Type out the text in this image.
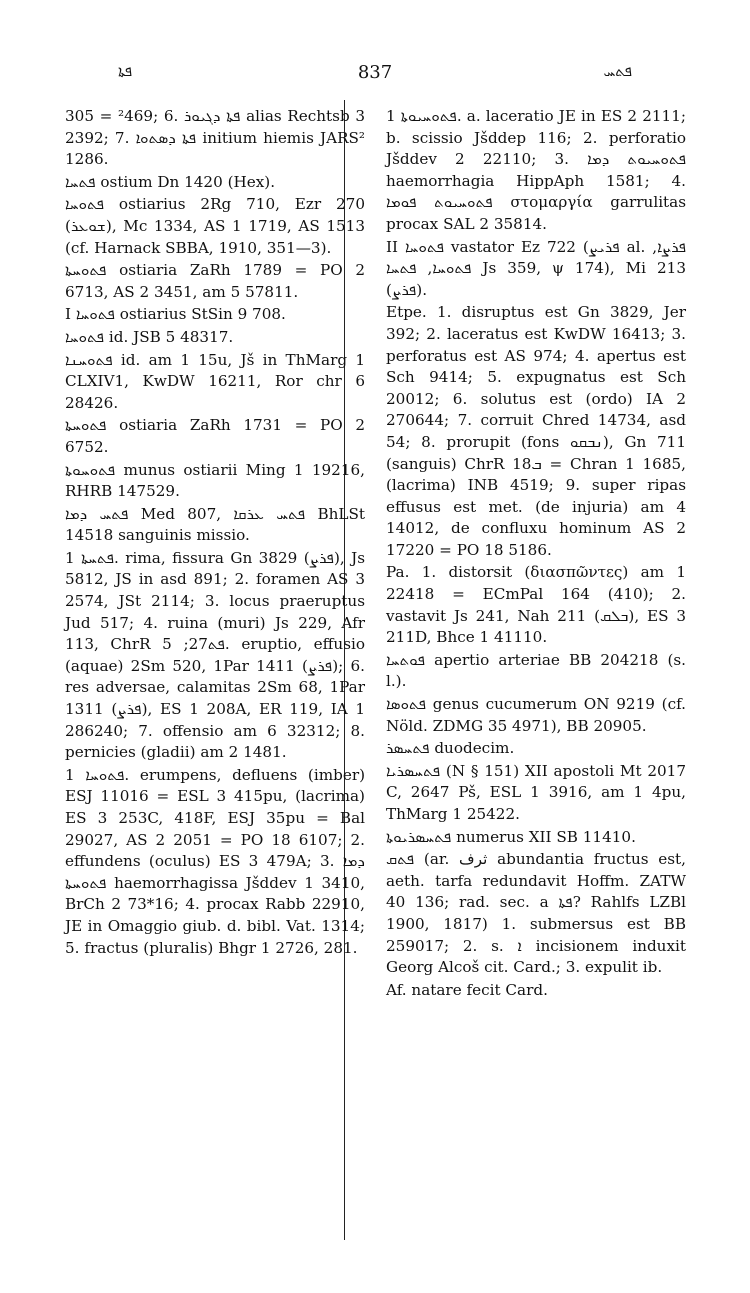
ܦܬܐ	837	ܦܬܚ

305 = ²469; 6. ܦܬܐ ܕܓܝܘܪ alias Rechtsb 3 2392; 7. ܦܬܐ ܕܣܬܘܐ initium hiemis JARS² 1286.

ܦܬܚܐ ostium Dn 1420 (Hex).

ܦܬܘܚܐ ostiarius 2Rg 710, Ezr 270 (ܫܘܥܪ), Mc 1334, AS 1 1719, AS 1513 (cf. Harnack SBBA, 1910, 351—3).

ܦܬܘܚܬܐ ostiaria ZaRh 1789 = PO 2 6713, AS 2 3451, am 5 57811.

I ܦܬܘܚܐ ostiarius StSin 9 708.

ܦܬܘܚܐ id. JSB 5 48317.

ܦܬܘܚܢܐ id. am 1 15u, Jš in ThMarg 1 CLXIV1, KwDW 16211, Ror chr 6 28426.

ܦܬܘܚܬܐ ostiaria ZaRh 1731 = PO 2 6752.

ܦܬܘܚܘܬܐ munus ostiarii Ming 1 19216, RHRB 147529.

ܦܬܚ ܕܡܐ Med 807, ܦܬܚ ܥܪܩܐ BhLSt 14518 sanguinis missio.

ܦܬܚܬܐ 1. rima, fissura Gn 3829 (ܦܪܨ), Js 5812, JS in asd 891; 2. foramen AS 3 2574, JSt 2114; 3. locus praeruptus Jud 517; 4. ruina (muri) Js 229, Afr 113, ChrR ܦܬ27; 5. eruptio, effusio (aquae) 2Sm 520, 1Par 1411 (ܦܪܨ); 6. res adversae, calamitas 2Sm 68, 1Par 1311 (ܦܪܨ), ES 1 208A, ER 119, IA 1 286240; 7. offensio am 6 32312; 8. pernicies (gladii) am 2 1481.

ܦܬܘܚܐ 1. erumpens, defluens (imber) ESJ 11016 = ESL 3 415pu, (lacrima) ES 3 253C, 418F, ESJ 35pu = Bal 29027, AS 2 2051 = PO 18 6107; 2. effundens (oculus) ES 3 479A; 3. ܕܡܐ ܦܬܘܚܬܐ haemorrhagissa Jšddev 1 3410, BrCh 2 73*16; 4. procax Rabb 22910, JE in Omaggio giub. d. bibl. Vat. 1314; 5. fractus (pluralis) Bhgr 1 2726, 281.

ܦܬܘܚܝܘܬܐ 1. a. laceratio JE in ES 2 2111; b. scissio Jšddep 116; 2. perforatio Jšddev 2 22110; 3. ܦܬܘܚܝܘܬ ܕܡܐ haemorrhagia HippAph 1581; 4. ܦܬܘܚܝܘܬ ܦܘܡܐ στομαργία garrulitas procax SAL 2 35814.

II ܦܬܘܚܐ vastator Ez 722 (ܦܪܝܨ al. ܦܪܨܐ, ܦܬܘܚܐ, ܦܬܚܐ Js 359, ψ 174), Mi 213 (ܦܪܨ).

Etpe. 1. disruptus est Gn 3829, Jer 392; 2. laceratus est KwDW 16413; 3. perforatus est AS 974; 4. apertus est Sch 9414; 5. expugnatus est Sch 20012; 6. solutus est (ordo) IA 2 270644; 7. corruit Chred 14734, asd 54; 8. prorupit (fons ܢܒܩܘ), Gn 711 (sanguis) ChrR ܒ18 = Chran 1 1685, (lacrima) INB 4519; 9. super ripas effusus est met. (de injuria) am 4 14012, de confluxu hominum AS 2 17220 = PO 18 5186.

Pa. 1. distorsit (διασπῶντες) am 1 22418 = ECmPal 164 (410); 2. vastavit Js 241, Nah 211 (ܒܠܩ), ES 3 211D, Bhce 1 41110.

ܦܘܬܚܐ apertio arteriae BB 204218 (s. l.).

ܦܬܘܣܐ genus cucumerum ON 9219 (cf. Nöld. ZDMG 35 4971), BB 20905.

ܦܬܚܣܪ duodecim.

ܦܬܚܣܪܝܐ (N § 151) XII apostoli Mt 2017 C, 2647 Pš, ESL 1 3916, am 1 4pu, ThMarg 1 25422.

ܦܬܚܣܪܝܘܬܐ numerus XII SB 11410.

ܦܬܩ (ar. ثرف abundantia fructus est, aeth. tarfa redundavit Hoffm. ZATW 40 136; rad. sec. a ܦܬܐ? Rahlfs LZBl 1900, 1817) 1. submersus est BB 259017; 2. s. ܐ incisionem induxit Georg Alcoš cit. Card.; 3. expulit ib.

Af. natare fecit Card.
